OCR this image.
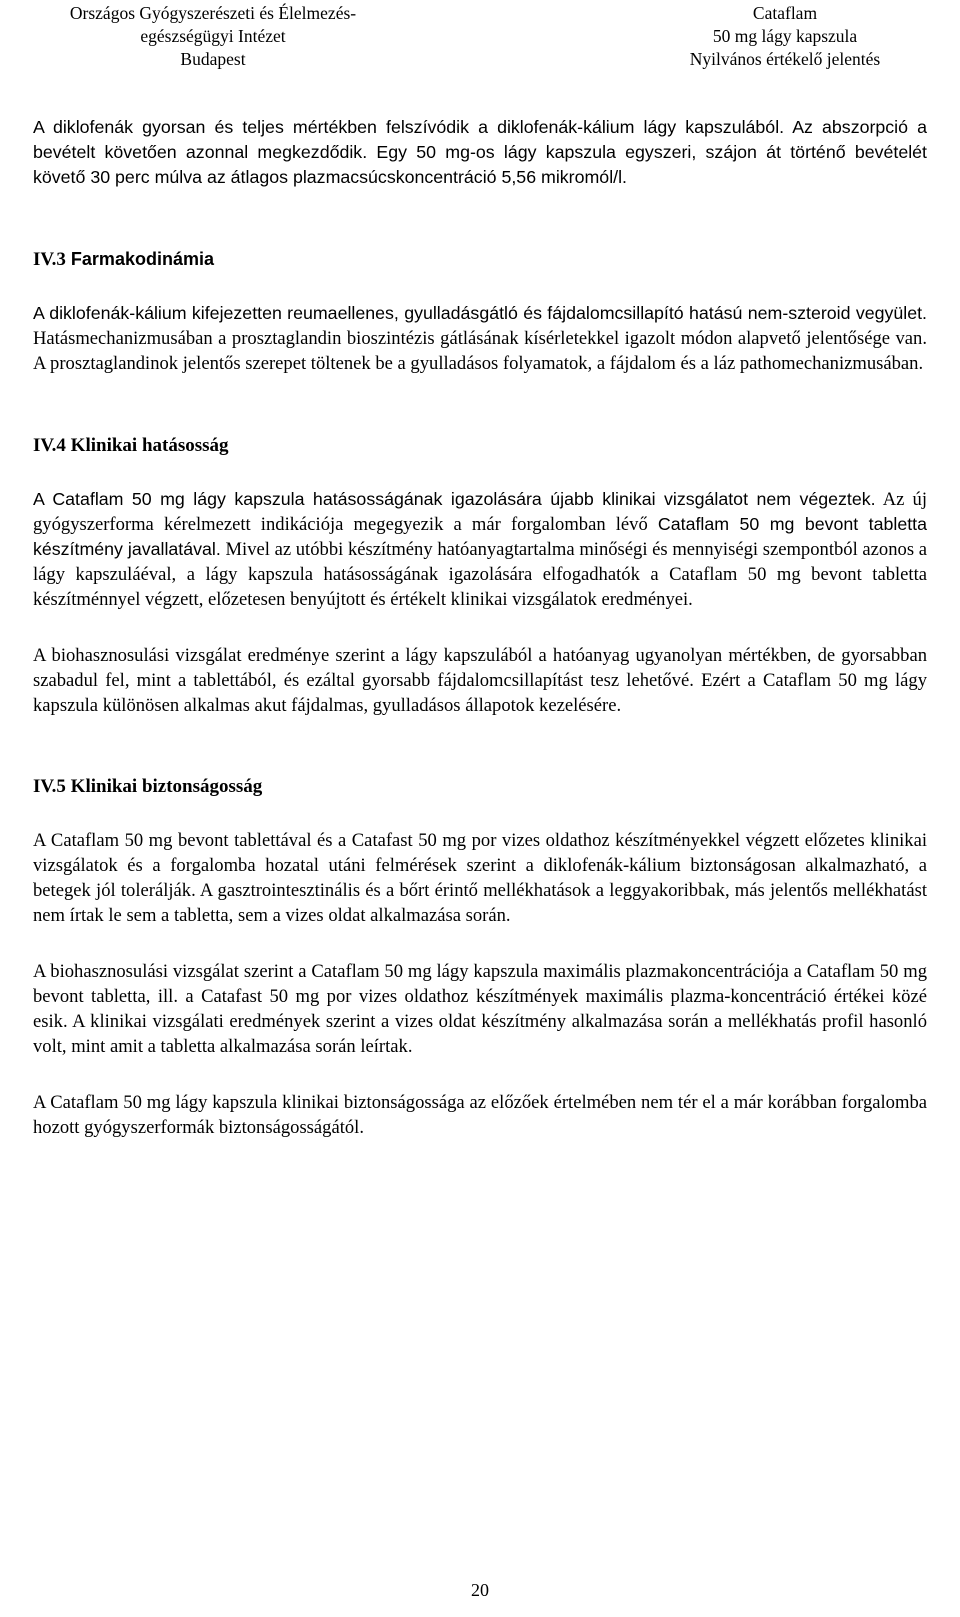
Országos Gyógyszerészeti és Élelmezés-
egészségügyi Intézet
Budapest
Cataflam
50 mg lágy kapszula
Nyilvános értékelő jelentés

A diklofenák gyorsan és teljes mértékben felszívódik a diklofenák-kálium lágy kapszulából. Az abszorpció a bevételt követően azonnal megkezdődik. Egy 50 mg-os lágy kapszula egyszeri, szájon át történő bevételét követő 30 perc múlva az átlagos plazmacsúcskoncentráció 5,56 mikromól/l.

IV.3 Farmakodinámia

A diklofenák-kálium kifejezetten reumaellenes, gyulladásgátló és fájdalomcsillapító hatású nem-szteroid vegyület. Hatásmechanizmusában a prosztaglandin bioszintézis gátlásának kísérletekkel igazolt módon alapvető jelentősége van. A prosztaglandinok jelentős szerepet töltenek be a gyulladásos folyamatok, a fájdalom és a láz pathomechanizmusában.

IV.4 Klinikai hatásosság

A Cataflam 50 mg lágy kapszula hatásosságának igazolására újabb klinikai vizsgálatot nem végeztek. Az új gyógyszerforma kérelmezett indikációja megegyezik a már forgalomban lévő Cataflam 50 mg bevont tabletta készítmény javallatával. Mivel az utóbbi készítmény hatóanyagtartalma minőségi és mennyiségi szempontból azonos a lágy kapszuláéval, a lágy kapszula hatásosságának igazolására elfogadhatók a Cataflam 50 mg bevont tabletta készítménnyel végzett, előzetesen benyújtott és értékelt klinikai vizsgálatok eredményei.

A biohasznosulási vizsgálat eredménye szerint a lágy kapszulából a hatóanyag ugyanolyan mértékben, de gyorsabban szabadul fel, mint a tablettából, és ezáltal gyorsabb fájdalomcsillapítást tesz lehetővé. Ezért a Cataflam 50 mg lágy kapszula különösen alkalmas akut fájdalmas, gyulladásos állapotok kezelésére.

IV.5 Klinikai biztonságosság

A Cataflam 50 mg bevont tablettával és a Catafast 50 mg por vizes oldathoz készítményekkel végzett előzetes klinikai vizsgálatok és a forgalomba hozatal utáni felmérések szerint a diklofenák-kálium biztonságosan alkalmazható, a betegek jól tolerálják. A gasztrointesztinális és a bőrt érintő mellékhatások a leggyakoribbak, más jelentős mellékhatást nem írtak le sem a tabletta, sem a vizes oldat alkalmazása során.

A biohasznosulási vizsgálat szerint a Cataflam 50 mg lágy kapszula maximális plazmakoncentrációja a Cataflam 50 mg bevont tabletta, ill. a Catafast 50 mg por vizes oldathoz készítmények maximális plazma-koncentráció értékei közé esik. A klinikai vizsgálati eredmények szerint a vizes oldat készítmény alkalmazása során a mellékhatás profil hasonló volt, mint amit a tabletta alkalmazása során leírtak.

A Cataflam 50 mg lágy kapszula klinikai biztonságossága az előzőek értelmében nem tér el a már korábban forgalomba hozott gyógyszerformák biztonságosságától.

20
